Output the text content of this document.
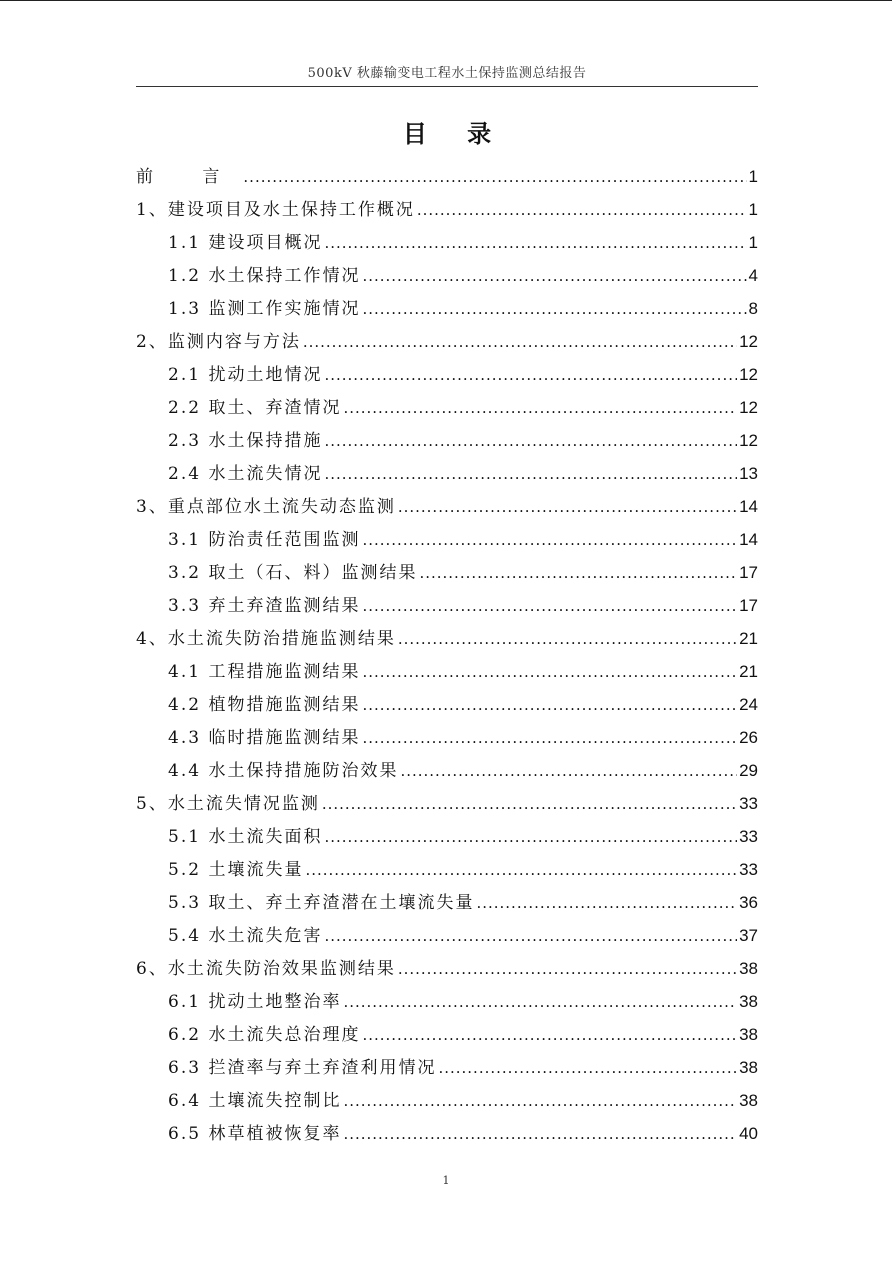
500kV 秋藤输变电工程水土保持监测总结报告
目 录
前 言 .....	1
1、建设项目及水土保持工作概况 .....	1
1.1 建设项目概况 .....	1
1.2 水土保持工作情况 .....	4
1.3 监测工作实施情况 .....	8
2、监测内容与方法 .....	12
2.1 扰动土地情况 .....	12
2.2 取土、弃渣情况 .....	12
2.3 水土保持措施 .....	12
2.4 水土流失情况 .....	13
3、重点部位水土流失动态监测 .....	14
3.1 防治责任范围监测 .....	14
3.2 取土（石、料）监测结果 .....	17
3.3 弃土弃渣监测结果 .....	17
4、水土流失防治措施监测结果 .....	21
4.1 工程措施监测结果 .....	21
4.2 植物措施监测结果 .....	24
4.3 临时措施监测结果 .....	26
4.4 水土保持措施防治效果 .....	29
5、水土流失情况监测 .....	33
5.1 水土流失面积 .....	33
5.2 土壤流失量 .....	33
5.3 取土、弃土弃渣潜在土壤流失量 .....	36
5.4 水土流失危害 .....	37
6、水土流失防治效果监测结果 .....	38
6.1 扰动土地整治率 .....	38
6.2 水土流失总治理度 .....	38
6.3 拦渣率与弃土弃渣利用情况 .....	38
6.4 土壤流失控制比 .....	38
6.5 林草植被恢复率 .....	40
1
